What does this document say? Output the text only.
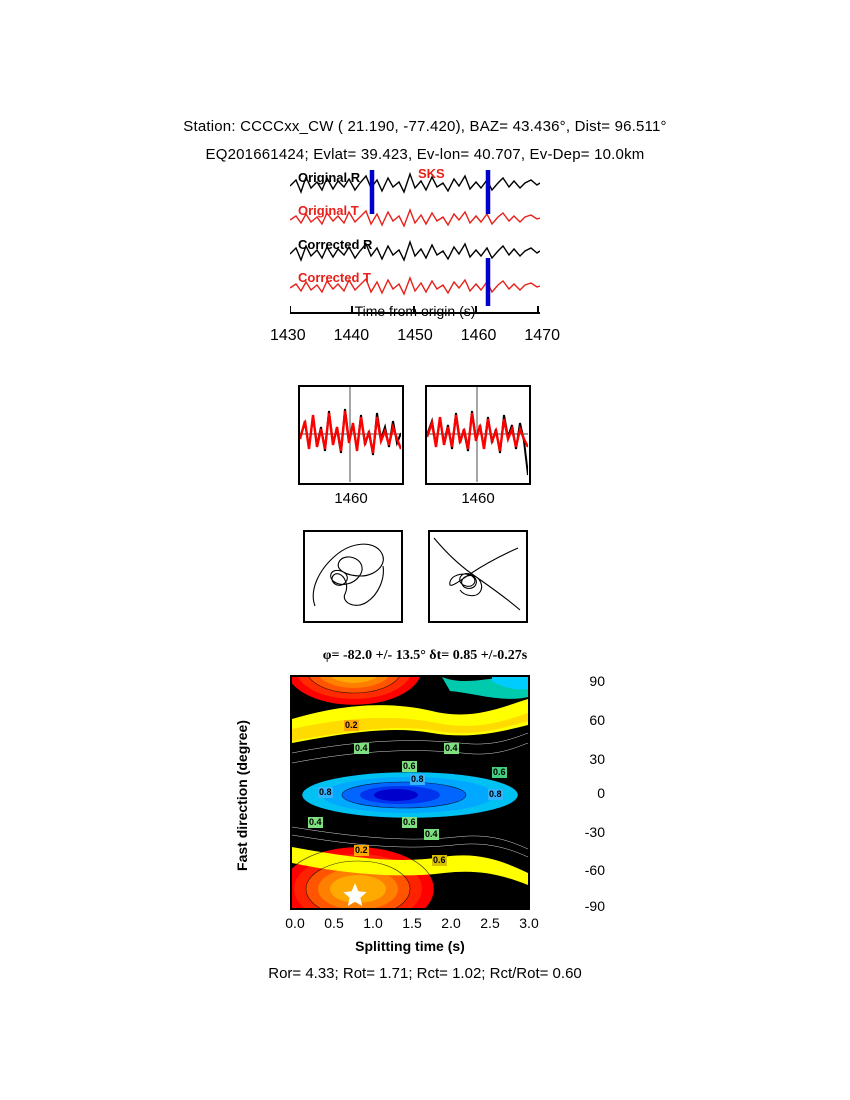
Station: CCCCxx_CW ( 21.190, -77.420), BAZ= 43.436°, Dist= 96.511°
EQ201661424; Evlat= 39.423, Ev-lon= 40.707, Ev-Dep= 10.0km
Original R
Original T
Corrected R
Corrected T
SKS
Time from origin (s)
1430 1440 1450 1460 1470
1460	1460
φ= -82.0 +/- 13.5° δt= 0.85 +/-0.27s
Fast direction (degree)
90
60
30
0
-30
-60
-90
0.2
0.4	0.4
0.6
0.6
0.8
0.8	0.8
0.6
0.4
0.2
0.4
0.6
0.0	0.5	1.0	1.5	2.0	2.5	3.0
Splitting time (s)
Ror= 4.33; Rot= 1.71; Rct= 1.02; Rct/Rot= 0.60
